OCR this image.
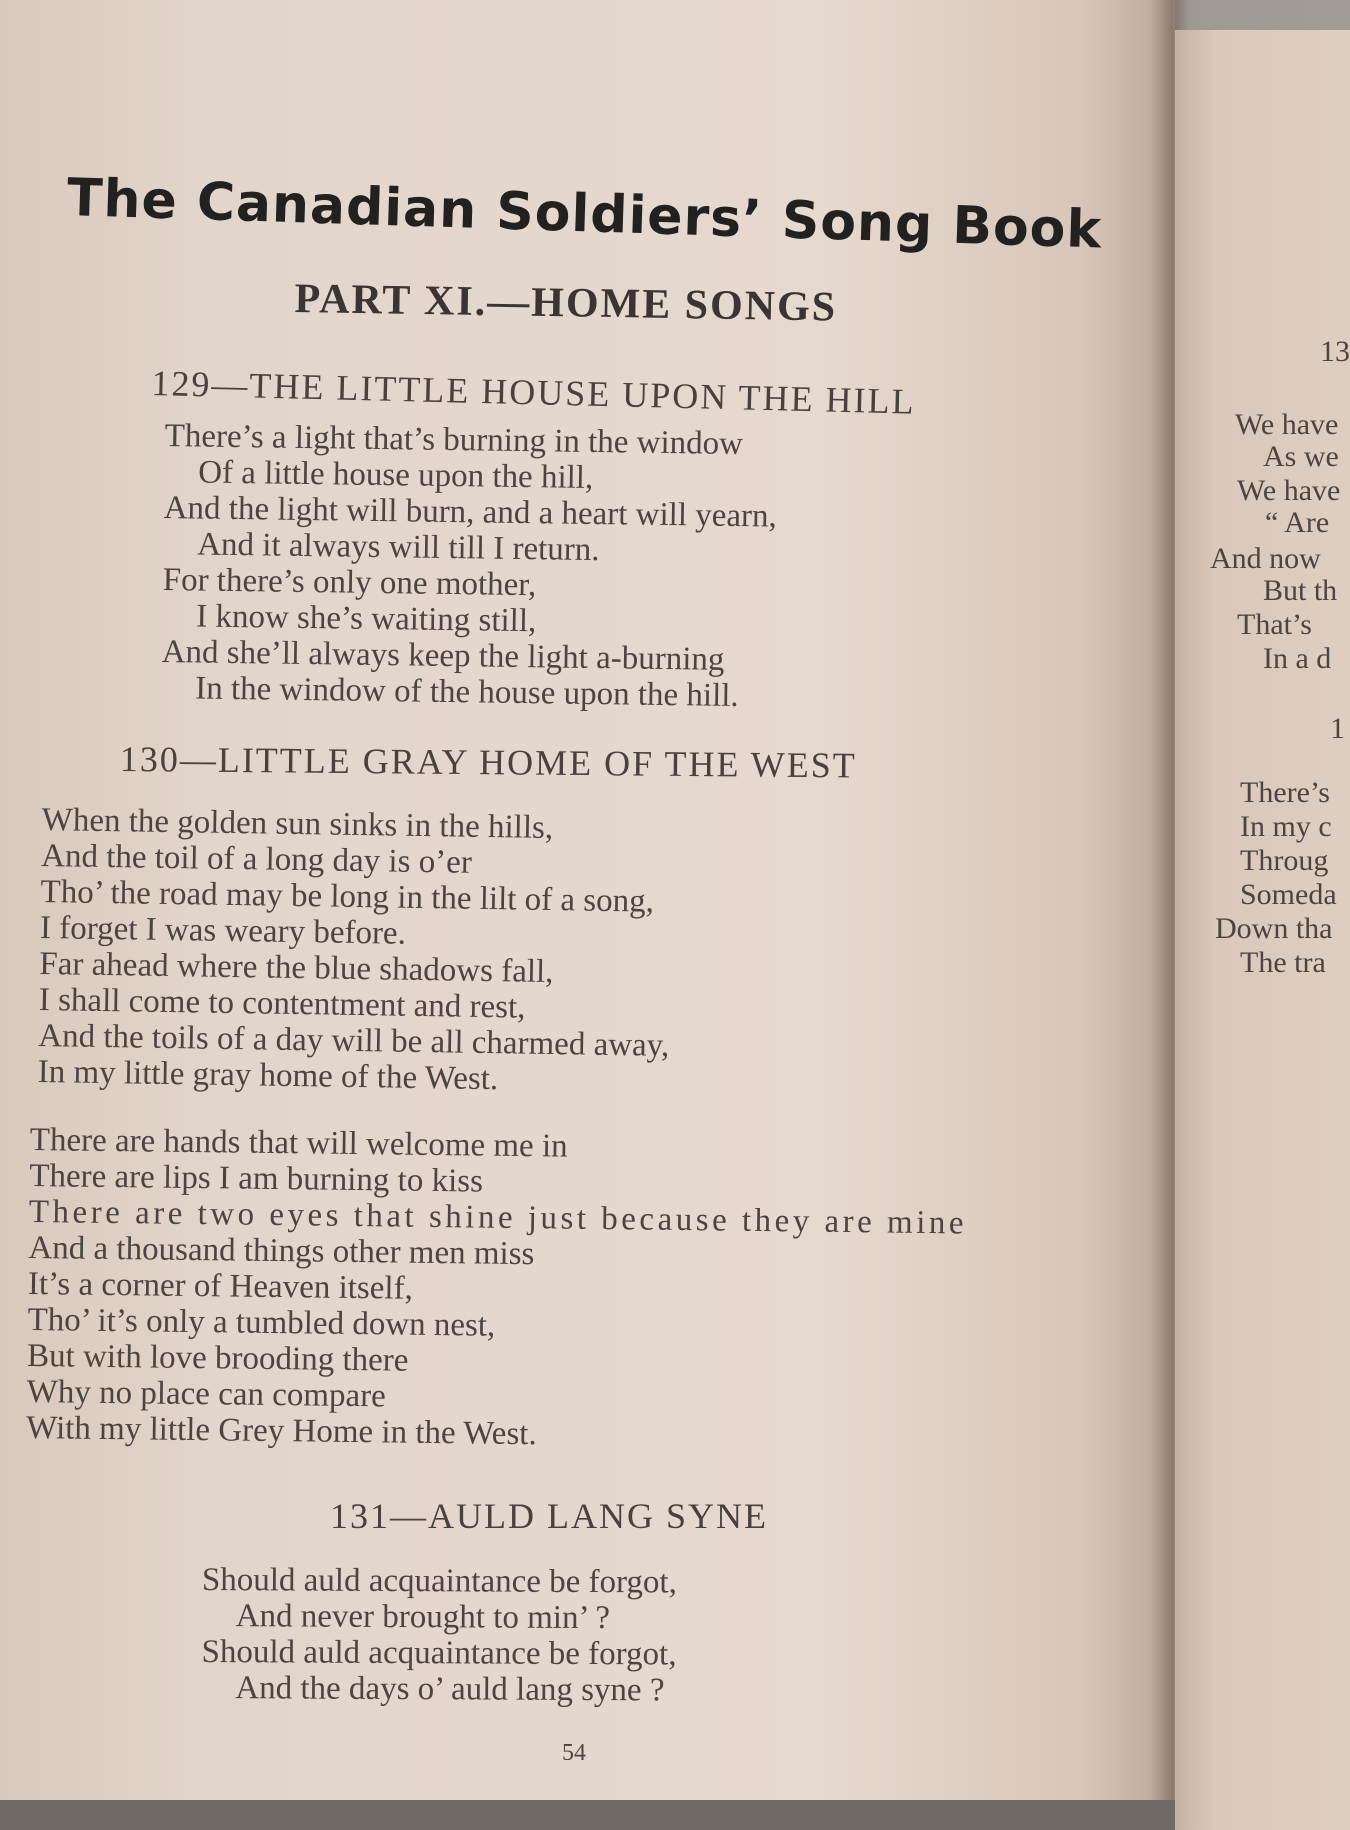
The Canadian Soldiers’ Song Book
PART XI.—HOME SONGS
129—THE LITTLE HOUSE UPON THE HILL
There’s a light that’s burning in the window
Of a little house upon the hill,
And the light will burn, and a heart will yearn,
And it always will till I return.
For there’s only one mother,
I know she’s waiting still,
And she’ll always keep the light a-burning
In the window of the house upon the hill.
130—LITTLE GRAY HOME OF THE WEST
When the golden sun sinks in the hills,
And the toil of a long day is o’er
Tho’ the road may be long in the lilt of a song,
I forget I was weary before.
Far ahead where the blue shadows fall,
I shall come to contentment and rest,
And the toils of a day will be all charmed away,
In my little gray home of the West.
There are hands that will welcome me in
There are lips I am burning to kiss
There are two eyes that shine just because they are mine
And a thousand things other men miss
It’s a corner of Heaven itself,
Tho’ it’s only a tumbled down nest,
But with love brooding there
Why no place can compare
With my little Grey Home in the West.
131—AULD LANG SYNE
Should auld acquaintance be forgot,
And never brought to min’ ?
Should auld acquaintance be forgot,
And the days o’ auld lang syne ?
54
13
We have
As we
We have
“ Are
And now
But th
That’s
In a d
1
There’s
In my c
Throug
Someda
Down tha
The tra
